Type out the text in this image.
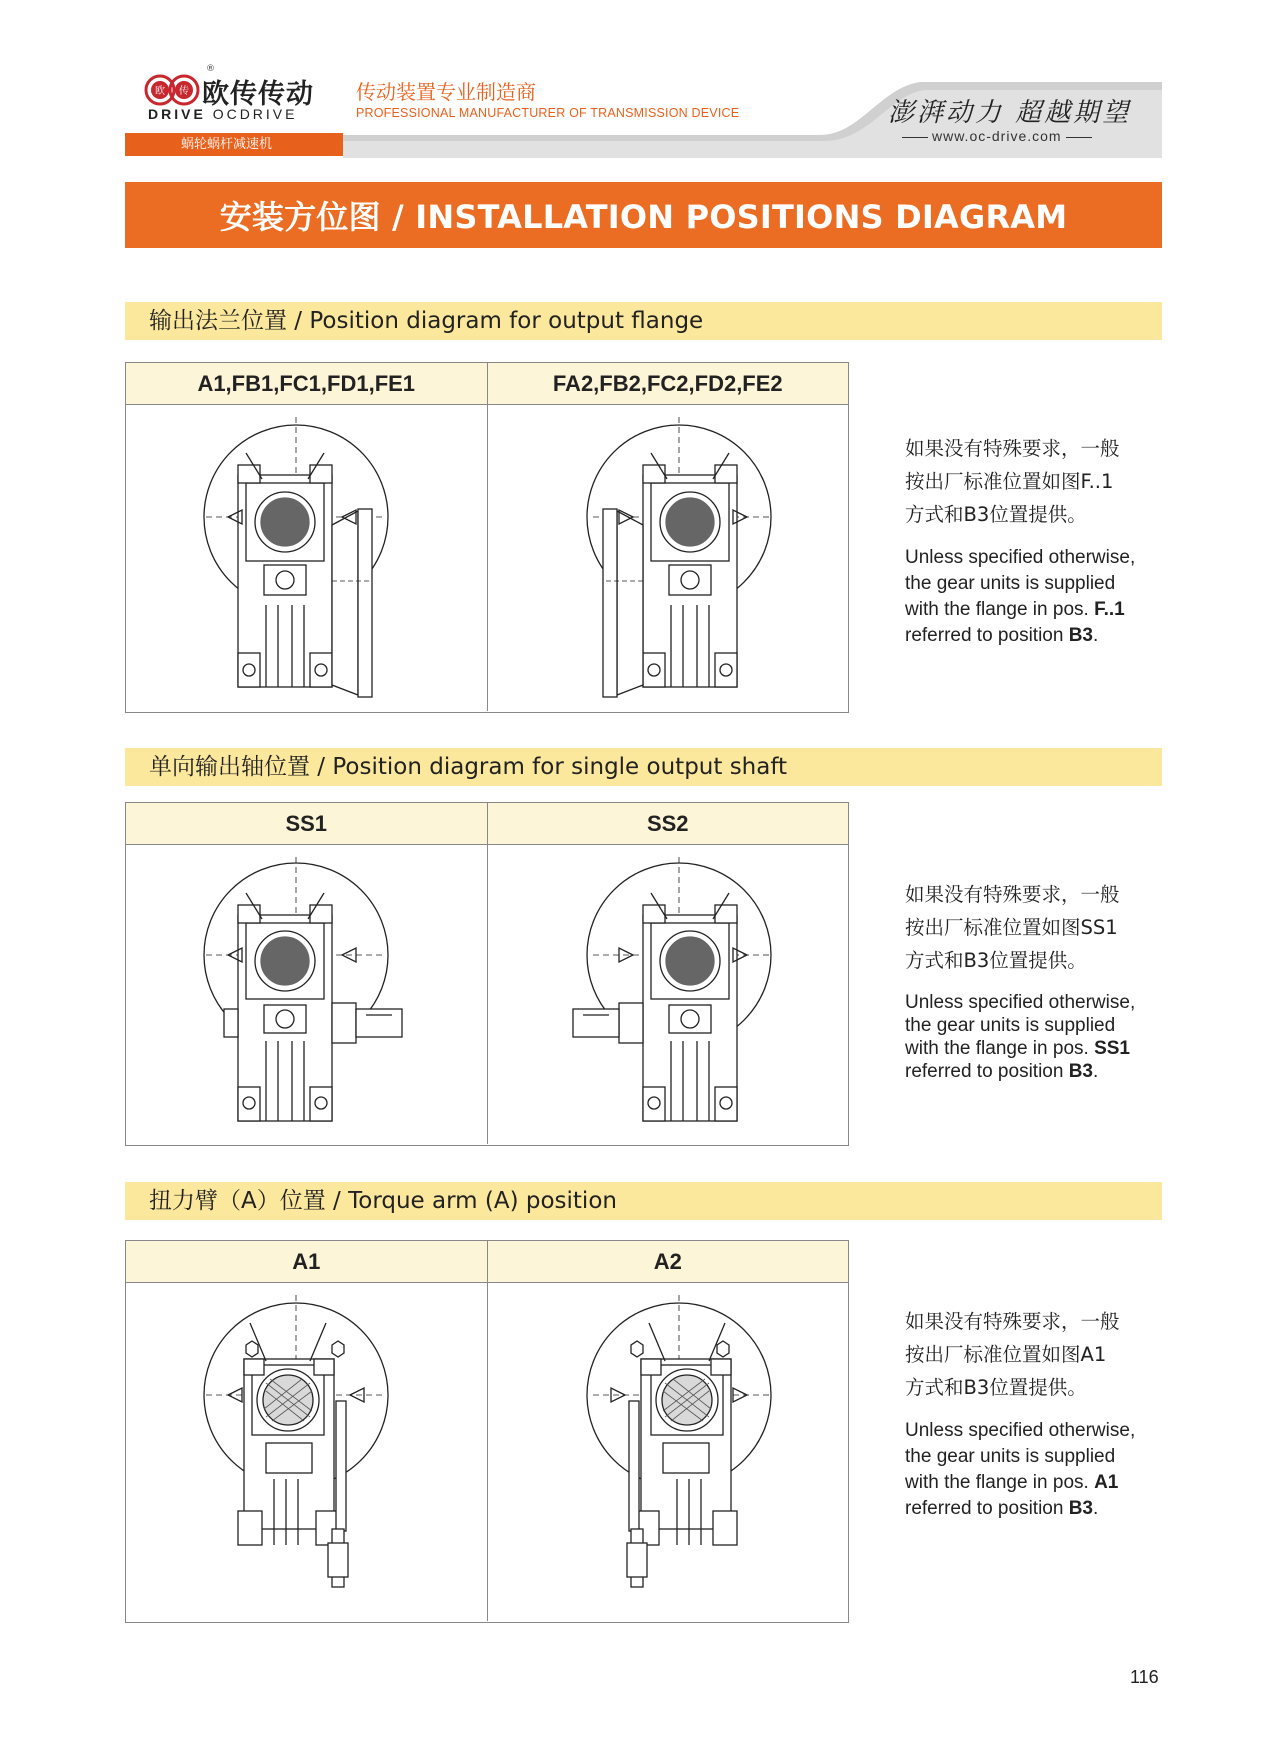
欧 传 欧传传动
®
DRIVE OCDRIVE
传动装置专业制造商
PROFESSIONAL MANUFACTURER OF TRANSMISSION DEVICE	澎湃动力 超越期望
www.oc-drive.com
蜗轮蜗杆减速机
安装方位图 / INSTALLATION POSITIONS DIAGRAM
输出法兰位置 / Position diagram for output flange
A1,FB1,FC1,FD1,FE1	FA2,FB2,FC2,FD2,FE2
如果没有特殊要求，一般
按出厂标准位置如图F..1
方式和B3位置提供。
Unless specified otherwise,
the gear units is supplied
with the flange in pos. F..1
referred to position B3.
单向输出轴位置 / Position diagram for single output shaft
SS1	SS2
如果没有特殊要求，一般
按出厂标准位置如图SS1
方式和B3位置提供。
Unless specified otherwise,
the gear units is supplied
with the flange in pos. SS1
referred to position B3.
扭力臂（A）位置 / Torque arm (A) position
A1	A2
如果没有特殊要求，一般
按出厂标准位置如图A1
方式和B3位置提供。
Unless specified otherwise,
the gear units is supplied
with the flange in pos. A1
referred to position B3.
116
